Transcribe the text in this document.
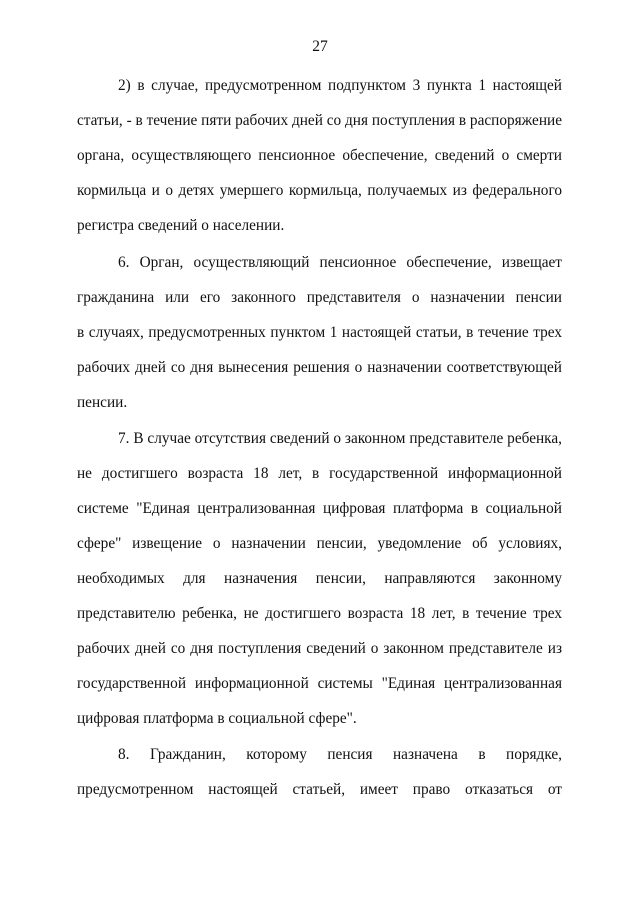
27
2) в случае, предусмотренном подпунктом 3 пункта 1 настоящей
статьи, - в течение пяти рабочих дней со дня поступления в распоряжение
органа, осуществляющего пенсионное обеспечение, сведений о смерти
кормильца и о детях умершего кормильца, получаемых из федерального
регистра сведений о населении.
6. Орган, осуществляющий пенсионное обеспечение, извещает
гражданина или его законного представителя о назначении пенсии
в случаях, предусмотренных пунктом 1 настоящей статьи, в течение трех
рабочих дней со дня вынесения решения о назначении соответствующей
пенсии.
7. В случае отсутствия сведений о законном представителе ребенка,
не достигшего возраста 18 лет, в государственной информационной
системе "Единая централизованная цифровая платформа в социальной
сфере" извещение о назначении пенсии, уведомление об условиях,
необходимых для назначения пенсии, направляются законному
представителю ребенка, не достигшего возраста 18 лет, в течение трех
рабочих дней со дня поступления сведений о законном представителе из
государственной информационной системы "Единая централизованная
цифровая платформа в социальной сфере".
8. Гражданин, которому пенсия назначена в порядке,
предусмотренном настоящей статьей, имеет право отказаться от
